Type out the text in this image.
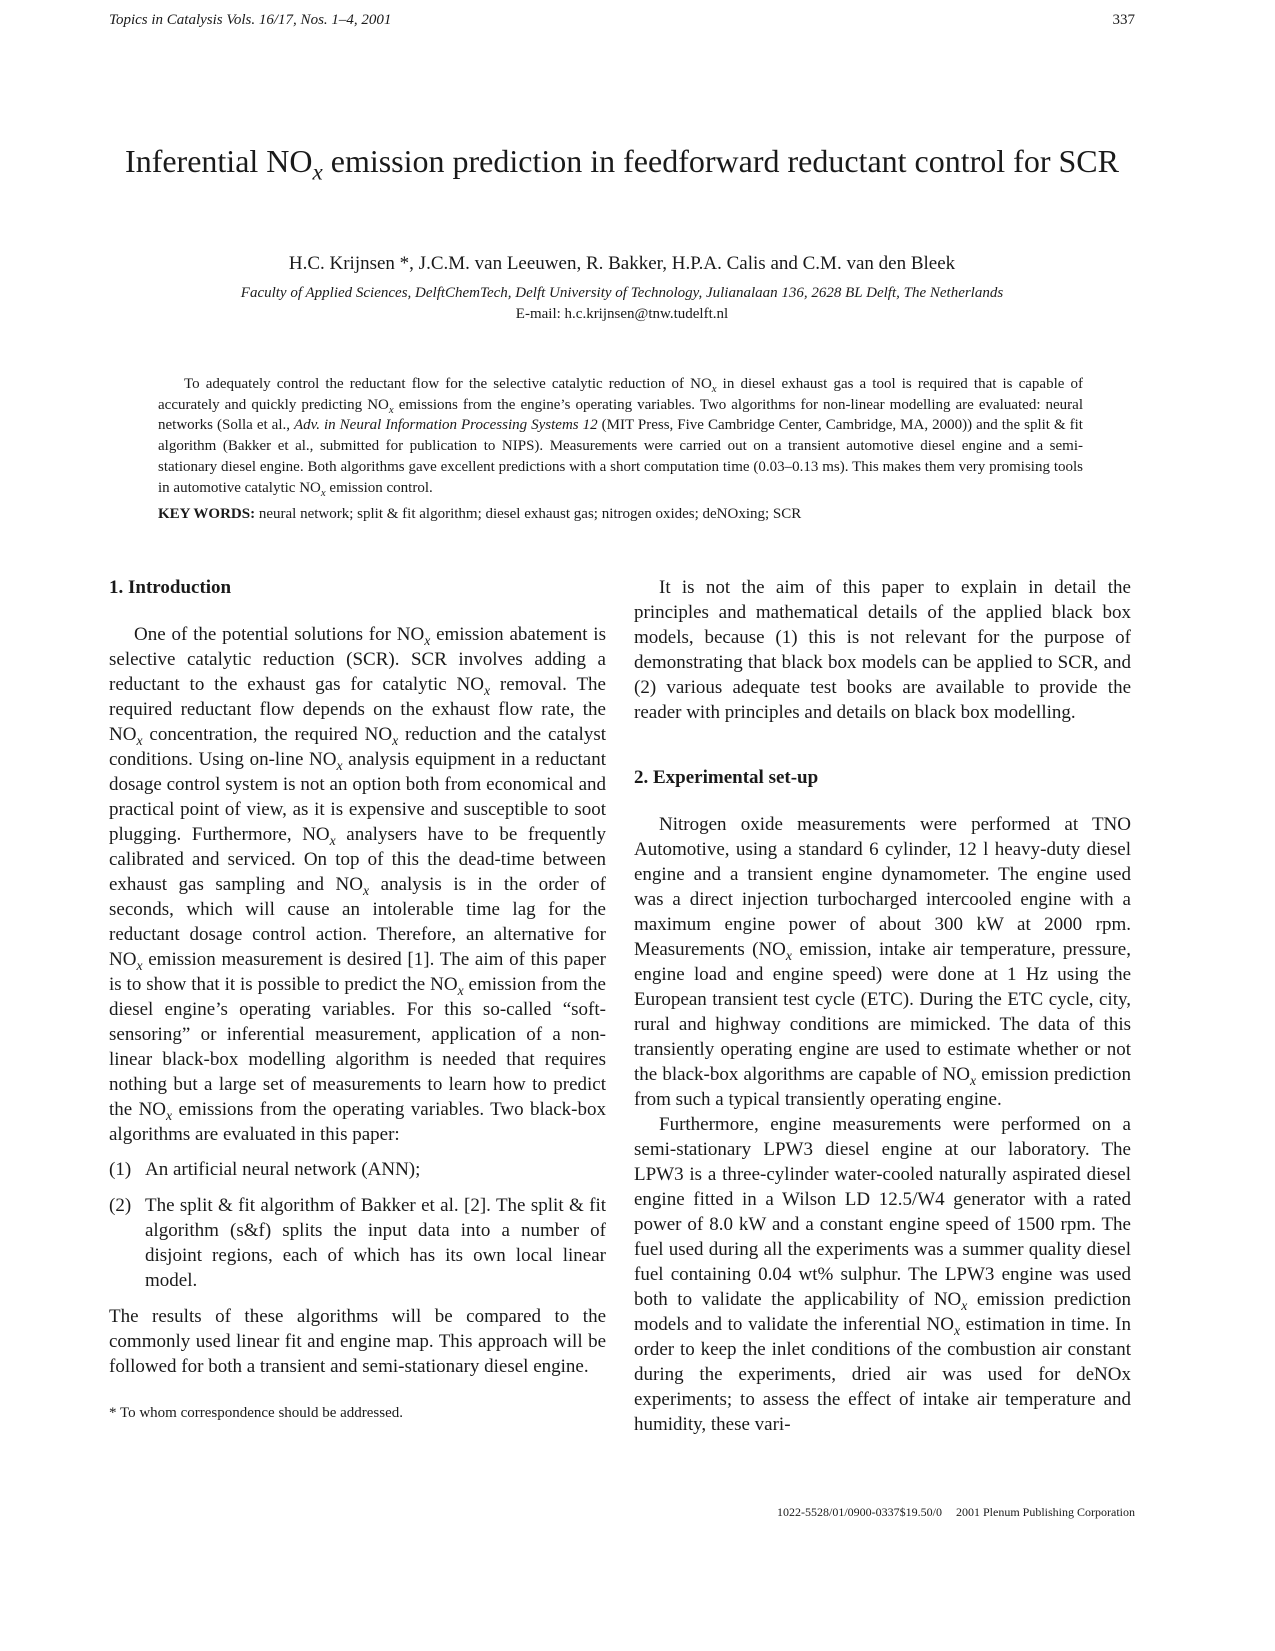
Topics in Catalysis Vols. 16/17, Nos. 1–4, 2001	337
Inferential $NO_x$ emission prediction in feedforward reductant control for SCR
H.C. Krijnsen *, J.C.M. van Leeuwen, R. Bakker, H.P.A. Calis and C.M. van den Bleek
Faculty of Applied Sciences, DelftChemTech, Delft University of Technology, Julianalaan 136, 2628 BL Delft, The Netherlands
E-mail: h.c.krijnsen@tnw.tudelft.nl

To adequately control the reductant flow for the selective catalytic reduction of $NO_x$ in diesel exhaust gas a tool is required that is capable of accurately and quickly predicting $NO_x$ emissions from the engine’s operating variables. Two algorithms for non-linear modelling are evaluated: neural networks (Solla et al., Adv. in Neural Information Processing Systems 12 (MIT Press, Five Cambridge Center, Cambridge, MA, 2000)) and the split & fit algorithm (Bakker et al., submitted for publication to NIPS). Measurements were carried out on a transient automotive diesel engine and a semi-stationary diesel engine. Both algorithms gave excellent predictions with a short computation time (0.03–0.13 ms). This makes them very promising tools in automotive catalytic $NO_x$ emission control.

KEY WORDS: neural network; split & fit algorithm; diesel exhaust gas; nitrogen oxides; deNOxing; SCR

1. Introduction

One of the potential solutions for $NO_x$ emission abatement is selective catalytic reduction (SCR). SCR involves adding a reductant to the exhaust gas for catalytic $NO_x$ removal. The required reductant flow depends on the exhaust flow rate, the $NO_x$ concentration, the required $NO_x$ reduction and the catalyst conditions. Using on-line $NO_x$ analysis equipment in a reductant dosage control system is not an option both from economical and practical point of view, as it is expensive and susceptible to soot plugging. Furthermore, $NO_x$ analysers have to be frequently calibrated and serviced. On top of this the dead-time between exhaust gas sampling and $NO_x$ analysis is in the order of seconds, which will cause an intolerable time lag for the reductant dosage control action. Therefore, an alternative for $NO_x$ emission measurement is desired [1]. The aim of this paper is to show that it is possible to predict the $NO_x$ emission from the diesel engine’s operating variables. For this so-called “soft-sensoring” or inferential measurement, application of a non-linear black-box modelling algorithm is needed that requires nothing but a large set of measurements to learn how to predict the $NO_x$ emissions from the operating variables. Two black-box algorithms are evaluated in this paper:

(1) An artificial neural network (ANN);
(2) The split & fit algorithm of Bakker et al. [2]. The split & fit algorithm (s&f) splits the input data into a number of disjoint regions, each of which has its own local linear model.

The results of these algorithms will be compared to the commonly used linear fit and engine map. This approach will be followed for both a transient and semi-stationary diesel engine.

* To whom correspondence should be addressed.

It is not the aim of this paper to explain in detail the principles and mathematical details of the applied black box models, because (1) this is not relevant for the purpose of demonstrating that black box models can be applied to SCR, and (2) various adequate test books are available to provide the reader with principles and details on black box modelling.

2. Experimental set-up

Nitrogen oxide measurements were performed at TNO Automotive, using a standard 6 cylinder, 12 l heavy-duty diesel engine and a transient engine dynamometer. The engine used was a direct injection turbocharged intercooled engine with a maximum engine power of about 300 kW at 2000 rpm. Measurements ($NO_x$ emission, intake air temperature, pressure, engine load and engine speed) were done at 1 Hz using the European transient test cycle (ETC). During the ETC cycle, city, rural and highway conditions are mimicked. The data of this transiently operating engine are used to estimate whether or not the black-box algorithms are capable of $NO_x$ emission prediction from such a typical transiently operating engine.

Furthermore, engine measurements were performed on a semi-stationary LPW3 diesel engine at our laboratory. The LPW3 is a three-cylinder water-cooled naturally aspirated diesel engine fitted in a Wilson LD 12.5/W4 generator with a rated power of 8.0 kW and a constant engine speed of 1500 rpm. The fuel used during all the experiments was a summer quality diesel fuel containing 0.04 wt% sulphur. The LPW3 engine was used both to validate the applicability of $NO_x$ emission prediction models and to validate the inferential $NO_x$ estimation in time. In order to keep the inlet conditions of the combustion air constant during the experiments, dried air was used for deNOx experiments; to assess the effect of intake air temperature and humidity, these vari-

1022-5528/01/0900-0337$19.50/0 2001 Plenum Publishing Corporation
